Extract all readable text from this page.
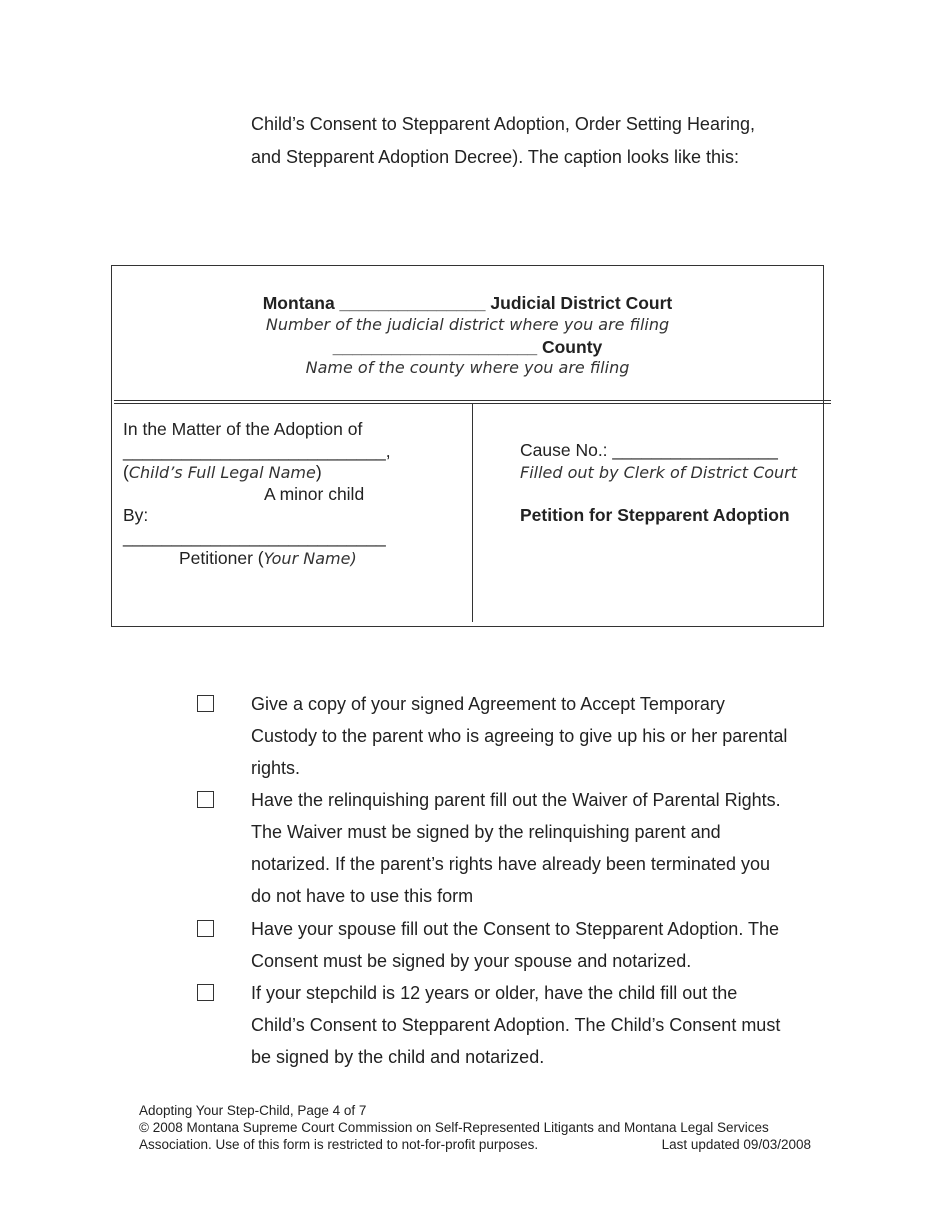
Child’s Consent to Stepparent Adoption, Order Setting Hearing,
and Stepparent Adoption Decree). The caption looks like this:
Montana _______________ Judicial District Court
Number of the judicial district where you are filing
_____________________ County
Name of the county where you are filing
In the Matter of the Adoption of
___________________________,
(Child’s Full Legal Name)
A minor child
By:
___________________________
Petitioner (Your Name)
Cause No.: _________________
Filled out by Clerk of District Court
Petition for Stepparent Adoption
Give a copy of your signed Agreement to Accept Temporary
Custody to the parent who is agreeing to give up his or her parental
rights.
Have the relinquishing parent fill out the Waiver of Parental Rights.
The Waiver must be signed by the relinquishing parent and
notarized. If the parent’s rights have already been terminated you
do not have to use this form
Have your spouse fill out the Consent to Stepparent Adoption. The
Consent must be signed by your spouse and notarized.
If your stepchild is 12 years or older, have the child fill out the
Child’s Consent to Stepparent Adoption. The Child’s Consent must
be signed by the child and notarized.
Adopting Your Step-Child, Page 4 of 7
© 2008 Montana Supreme Court Commission on Self-Represented Litigants and Montana Legal Services
Association. Use of this form is restricted to not-for-profit purposes.	Last updated 09/03/2008
